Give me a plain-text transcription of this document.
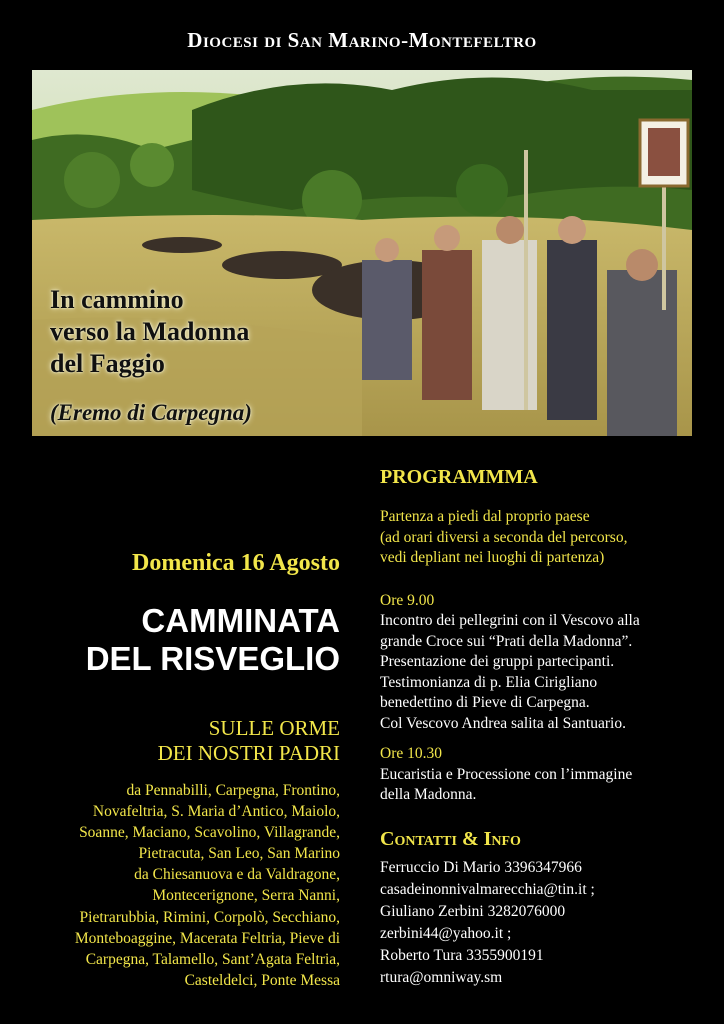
Diocesi di San Marino-Montefeltro
In cammino
verso la Madonna
del Faggio
(Eremo di Carpegna)
Domenica 16 Agosto
CAMMINATA
DEL RISVEGLIO
SULLE ORME
DEI NOSTRI PADRI
da Pennabilli, Carpegna, Frontino,
Novafeltria, S. Maria d’Antico, Maiolo,
Soanne, Maciano, Scavolino, Villagrande,
Pietracuta, San Leo, San Marino
da Chiesanuova e da Valdragone,
Montecerignone, Serra Nanni,
Pietrarubbia, Rimini, Corpolò, Secchiano,
Monteboaggine, Macerata Feltria, Pieve di
Carpegna, Talamello, Sant’Agata Feltria,
Casteldelci, Ponte Messa
PROGRAMMMA
Partenza a piedi dal proprio paese
(ad orari diversi a seconda del percorso,
vedi depliant nei luoghi di partenza)
Ore 9.00
Incontro dei pellegrini con il Vescovo alla
grande Croce sui “Prati della Madonna”.
Presentazione dei gruppi partecipanti.
Testimonianza di p. Elia Cirigliano
benedettino di Pieve di Carpegna.
Col Vescovo Andrea salita al Santuario.
Ore 10.30
Eucaristia e Processione con l’immagine
della Madonna.
Contatti & Info
Ferruccio Di Mario 3396347966
casadeinonnivalmarecchia@tin.it ;
Giuliano Zerbini 3282076000
zerbini44@yahoo.it ;
Roberto Tura 3355900191
rtura@omniway.sm
